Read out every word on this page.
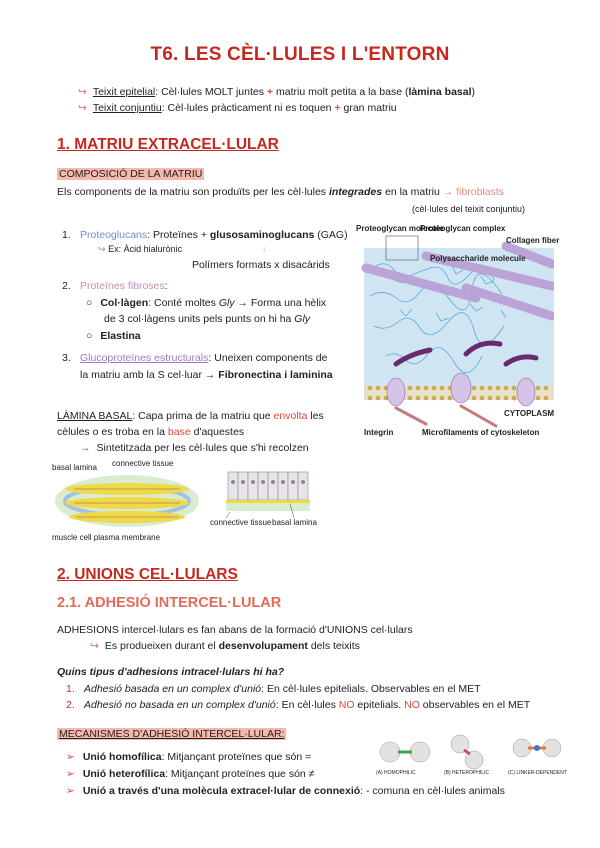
T6. LES CÈL·LULES I L'ENTORN
↪ Teixit epitelial: Cèl·lules MOLT juntes + matriu molt petita a la base (làmina basal)
↪ Teixit conjuntiu: Cèl·lules pràcticament ni es toquen + gran matriu
1. MATRIU EXTRACEL·LULAR
COMPOSICIÓ DE LA MATRIU
Els components de la matriu son produïts per les cèl·lules integrades en la matriu → fibroblasts
(cèl·lules del teixit conjuntiu)
1. Proteoglucans: Proteïnes + glusosaminoglucans (GAG)
↪ Ex: Àcid hialurònic	↓
Polímers formats x disacàrids
2. Proteïnes fibroses:
○ Col·làgen: Conté moltes Gly → Forma una hèlix
de 3 col·làgens units pels punts on hi ha Gly
○ Elastina
3. Glucoproteïnes estructurals: Uneixen components de
la matriu amb la S cel·luar → Fibronectina i laminina
LÀMINA BASAL: Capa prima de la matriu que envolta les
cèlules o es troba en la base d'aquestes
→ Sintetitzada per les cèl·lules que s'hi recolzen
Proteoglycan molecule
Proteoglycan complex
Collagen fiber
Polysaccharide molecule
CYTOPLASM
Integrin	Microfilaments of cytoskeleton
basal lamina connective tissue
muscle cell plasma membrane
connective tissue basal lamina
2. UNIONS CEL·LULARS
2.1. ADHESIÓ INTERCEL·LULAR
ADHESIONS intercel·lulars es fan abans de la formació d'UNIONS cel·lulars
↪ Es produeixen durant el desenvolupament dels teixits
Quins tipus d'adhesions intracel·lulars hi ha?
1. Adhesió basada en un complex d'unió: En cèl·lules epitelials. Observables en el MET
2. Adhesió no basada en un complex d'unió: En cèl·lules NO epitelials. NO observables en el MET
MECANISMES D'ADHESIÓ INTERCEL·LULAR:
➢ Unió homofílica: Mitjançant proteïnes que són =
➢ Unió heterofílica: Mitjançant proteïnes que són ≠
➢ Unió a través d'una molècula extracel·lular de connexió: - comuna en cèl·lules animals
(A) HOMOPHILIC	(B) HETEROPHILIC	(C) LINKER-DEPENDENT
